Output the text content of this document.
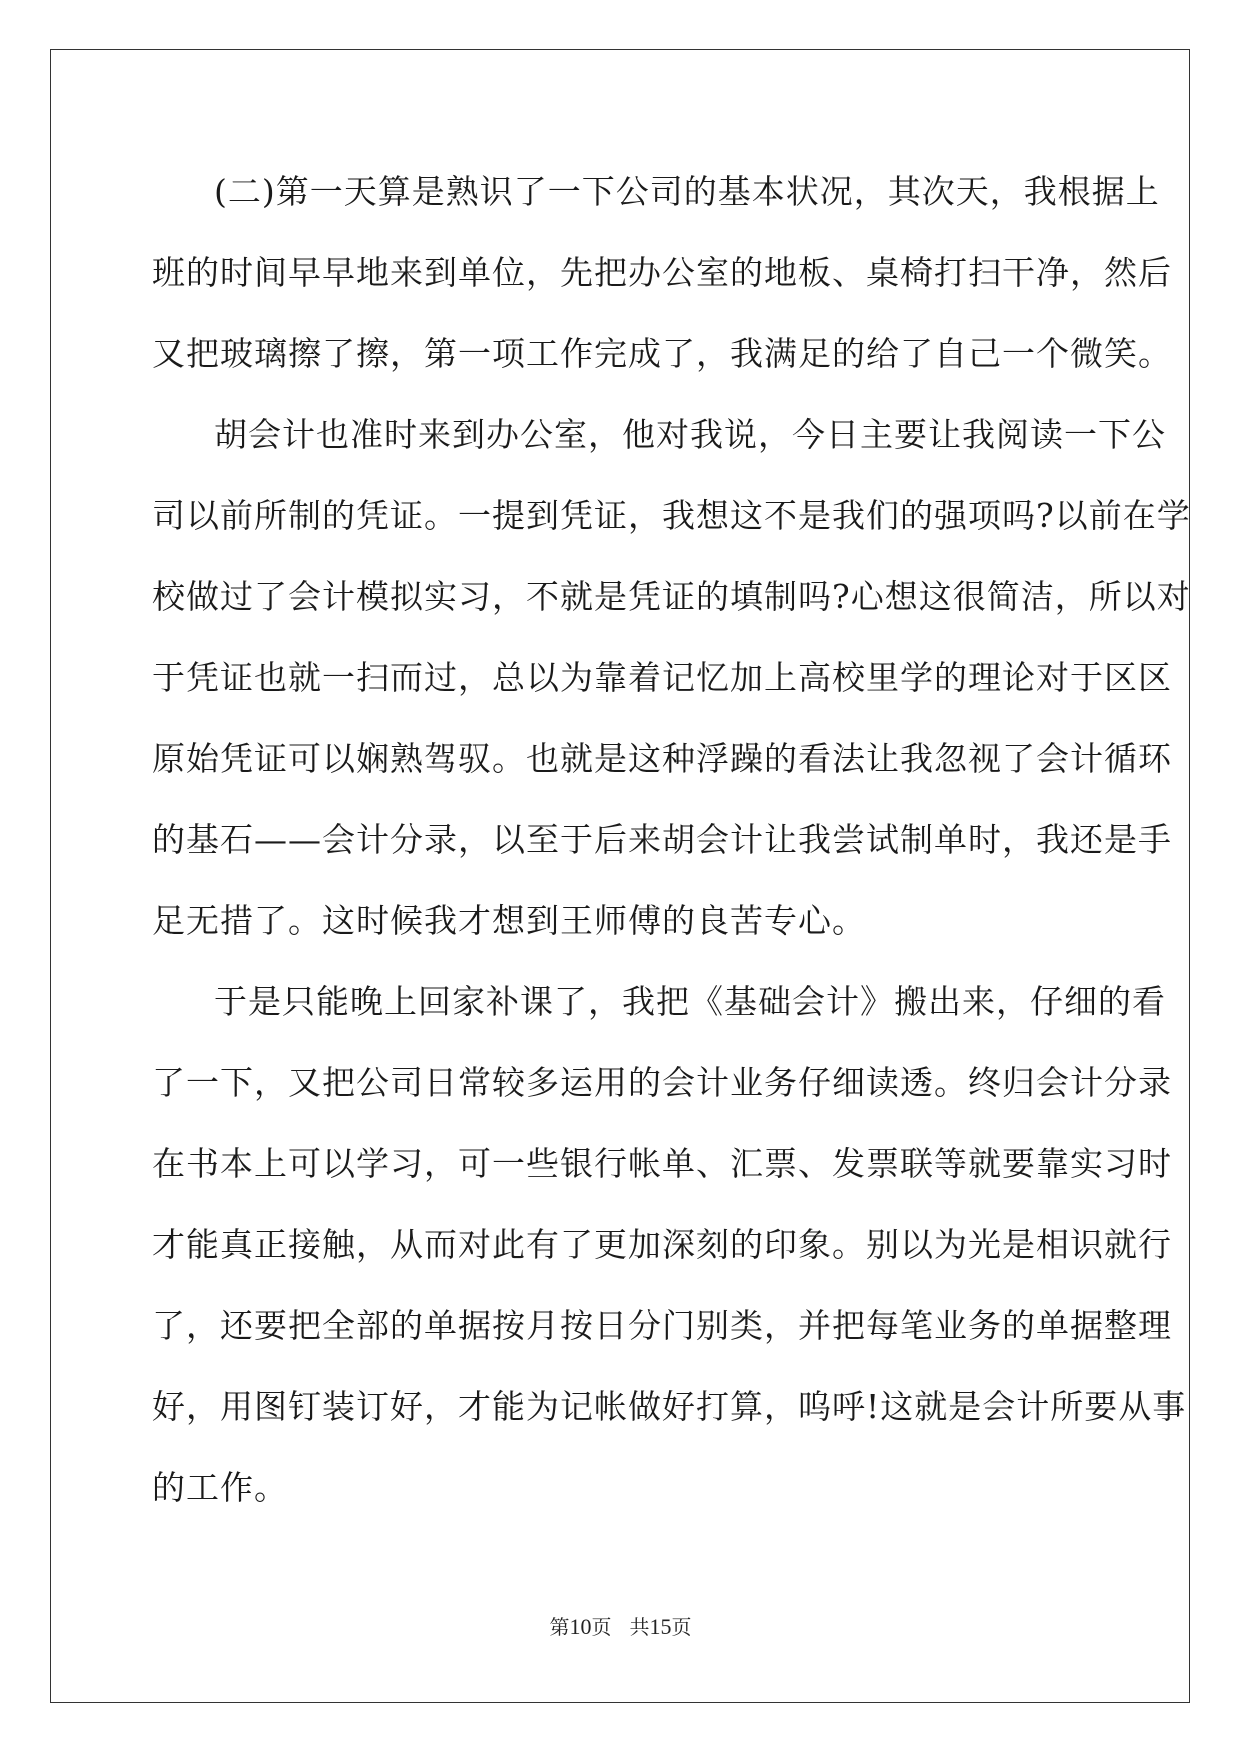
(二)第一天算是熟识了一下公司的基本状况，其次天，我根据上
班的时间早早地来到单位，先把办公室的地板、桌椅打扫干净，然后
又把玻璃擦了擦，第一项工作完成了，我满足的给了自己一个微笑。
胡会计也准时来到办公室，他对我说，今日主要让我阅读一下公
司以前所制的凭证。一提到凭证，我想这不是我们的强项吗?以前在学
校做过了会计模拟实习，不就是凭证的填制吗?心想这很简洁，所以对
于凭证也就一扫而过，总以为靠着记忆加上高校里学的理论对于区区
原始凭证可以娴熟驾驭。也就是这种浮躁的看法让我忽视了会计循环
的基石——会计分录，以至于后来胡会计让我尝试制单时，我还是手
足无措了。这时候我才想到王师傅的良苦专心。
于是只能晚上回家补课了，我把《基础会计》搬出来，仔细的看
了一下，又把公司日常较多运用的会计业务仔细读透。终归会计分录
在书本上可以学习，可一些银行帐单、汇票、发票联等就要靠实习时
才能真正接触，从而对此有了更加深刻的印象。别以为光是相识就行
了，还要把全部的单据按月按日分门别类，并把每笔业务的单据整理
好，用图钉装订好，才能为记帐做好打算，呜呼!这就是会计所要从事
的工作。
第10页 共15页
